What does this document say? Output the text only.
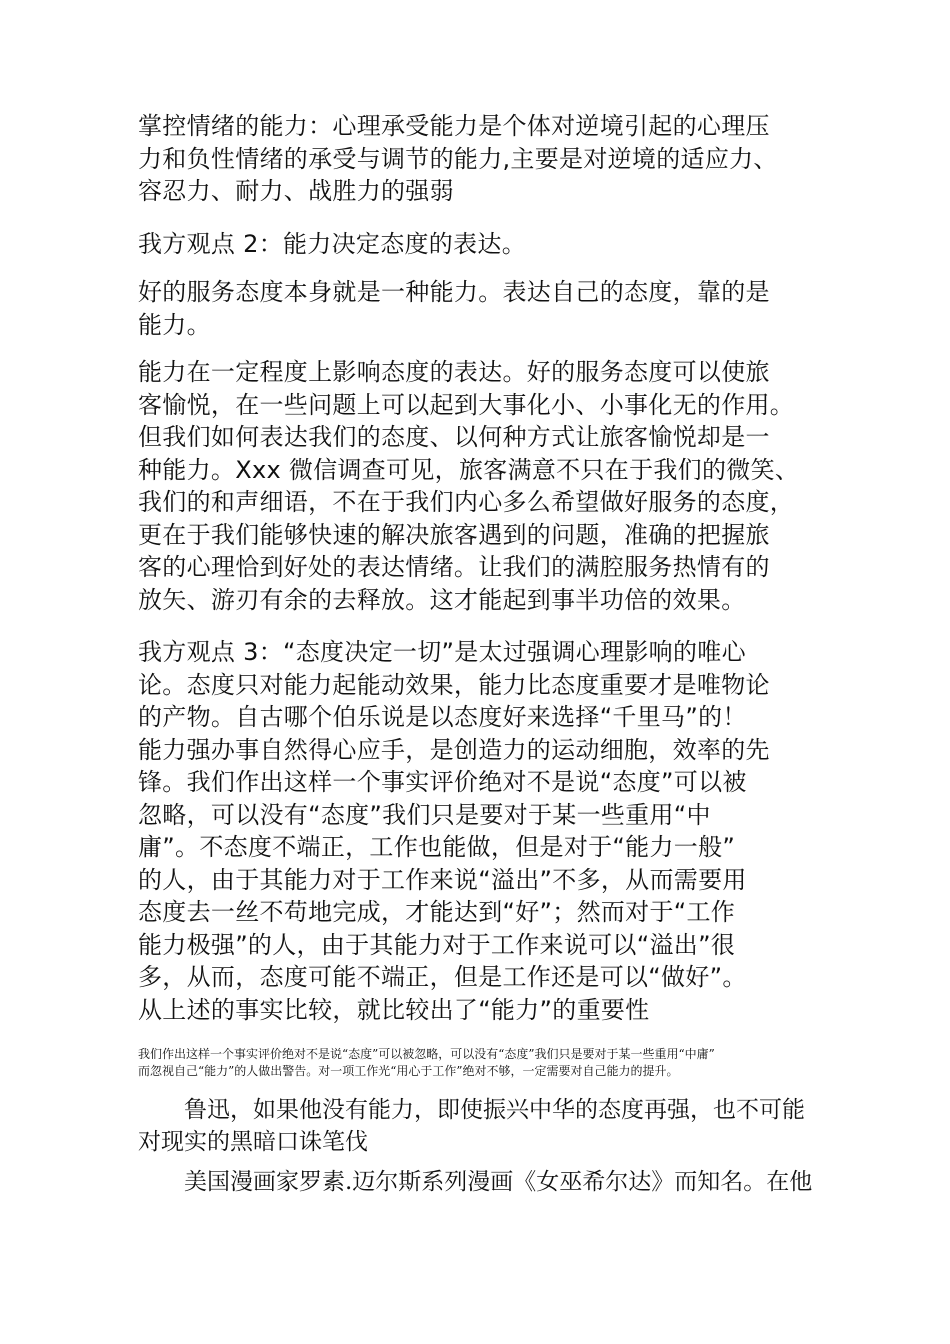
掌控情绪的能力：心理承受能力是个体对逆境引起的心理压
力和负性情绪的承受与调节的能力,主要是对逆境的适应力、
容忍力、耐力、战胜力的强弱

我方观点 2：能力决定态度的表达。

好的服务态度本身就是一种能力。表达自己的态度，靠的是
能力。

能力在一定程度上影响态度的表达。好的服务态度可以使旅
客愉悦，在一些问题上可以起到大事化小、小事化无的作用。
但我们如何表达我们的态度、以何种方式让旅客愉悦却是一
种能力。Xxx 微信调查可见，旅客满意不只在于我们的微笑、
我们的和声细语，不在于我们内心多么希望做好服务的态度，
更在于我们能够快速的解决旅客遇到的问题，准确的把握旅
客的心理恰到好处的表达情绪。让我们的满腔服务热情有的
放矢、游刃有余的去释放。这才能起到事半功倍的效果。

我方观点 3：“态度决定一切”是太过强调心理影响的唯心
论。态度只对能力起能动效果，能力比态度重要才是唯物论
的产物。自古哪个伯乐说是以态度好来选择“千里马”的！
能力强办事自然得心应手，是创造力的运动细胞，效率的先
锋。我们作出这样一个事实评价绝对不是说“态度”可以被
忽略，可以没有“态度”我们只是要对于某一些重用“中
庸”。不态度不端正，工作也能做，但是对于“能力一般”
的人，由于其能力对于工作来说“溢出”不多，从而需要用
态度去一丝不苟地完成，才能达到“好”；然而对于“工作
能力极强”的人，由于其能力对于工作来说可以“溢出”很
多，从而，态度可能不端正，但是工作还是可以“做好”。
从上述的事实比较，就比较出了“能力”的重要性

我们作出这样一个事实评价绝对不是说“态度”可以被忽略，可以没有“态度”我们只是要对于某一些重用“中庸”
而忽视自己“能力”的人做出警告。对一项工作光“用心于工作”绝对不够，一定需要对自己能力的提升。

　　鲁迅，如果他没有能力，即使振兴中华的态度再强，也不可能
对现实的黑暗口诛笔伐

　　美国漫画家罗素.迈尔斯系列漫画《女巫希尔达》而知名。在他
